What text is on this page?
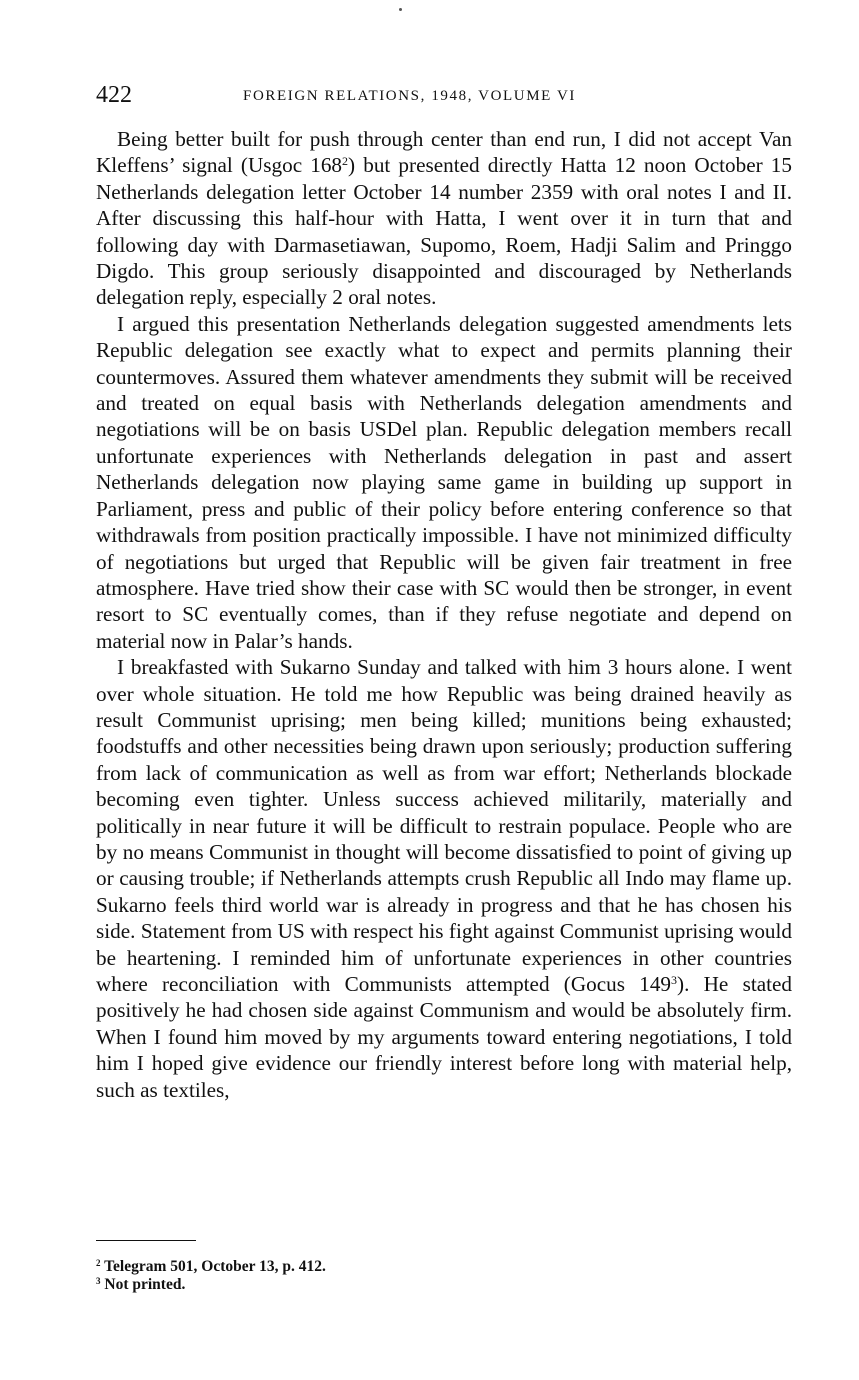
422	FOREIGN RELATIONS, 1948, VOLUME VI

Being better built for push through center than end run, I did not accept Van Kleffens’ signal (Usgoc $168^2$) but presented directly Hatta 12 noon October 15 Netherlands delegation letter October 14 number 2359 with oral notes I and II. After discussing this half-hour with Hatta, I went over it in turn that and following day with Darmasetiawan, Supomo, Roem, Hadji Salim and Pringgo Digdo. This group seriously disappointed and discouraged by Netherlands delegation reply, especially 2 oral notes.

I argued this presentation Netherlands delegation suggested amendments lets Republic delegation see exactly what to expect and permits planning their countermoves. Assured them whatever amendments they submit will be received and treated on equal basis with Netherlands delegation amendments and negotiations will be on basis USDel plan. Republic delegation members recall unfortunate experiences with Netherlands delegation in past and assert Netherlands delegation now playing same game in building up support in Parliament, press and public of their policy before entering conference so that withdrawals from position practically impossible. I have not minimized difficulty of negotiations but urged that Republic will be given fair treatment in free atmosphere. Have tried show their case with SC would then be stronger, in event resort to SC eventually comes, than if they refuse negotiate and depend on material now in Palar’s hands.

I breakfasted with Sukarno Sunday and talked with him 3 hours alone. I went over whole situation. He told me how Republic was being drained heavily as result Communist uprising; men being killed; munitions being exhausted; foodstuffs and other necessities being drawn upon seriously; production suffering from lack of communication as well as from war effort; Netherlands blockade becoming even tighter. Unless success achieved militarily, materially and politically in near future it will be difficult to restrain populace. People who are by no means Communist in thought will become dissatisfied to point of giving up or causing trouble; if Netherlands attempts crush Republic all Indo may flame up. Sukarno feels third world war is already in progress and that he has chosen his side. Statement from US with respect his fight against Communist uprising would be heartening. I reminded him of unfortunate experiences in other countries where reconciliation with Communists attempted (Gocus $149^3$). He stated positively he had chosen side against Communism and would be absolutely firm. When I found him moved by my arguments toward entering negotiations, I told him I hoped give evidence our friendly interest before long with material help, such as textiles,

$^2$ Telegram 501, October 13, p. 412.

$^3$ Not printed.
